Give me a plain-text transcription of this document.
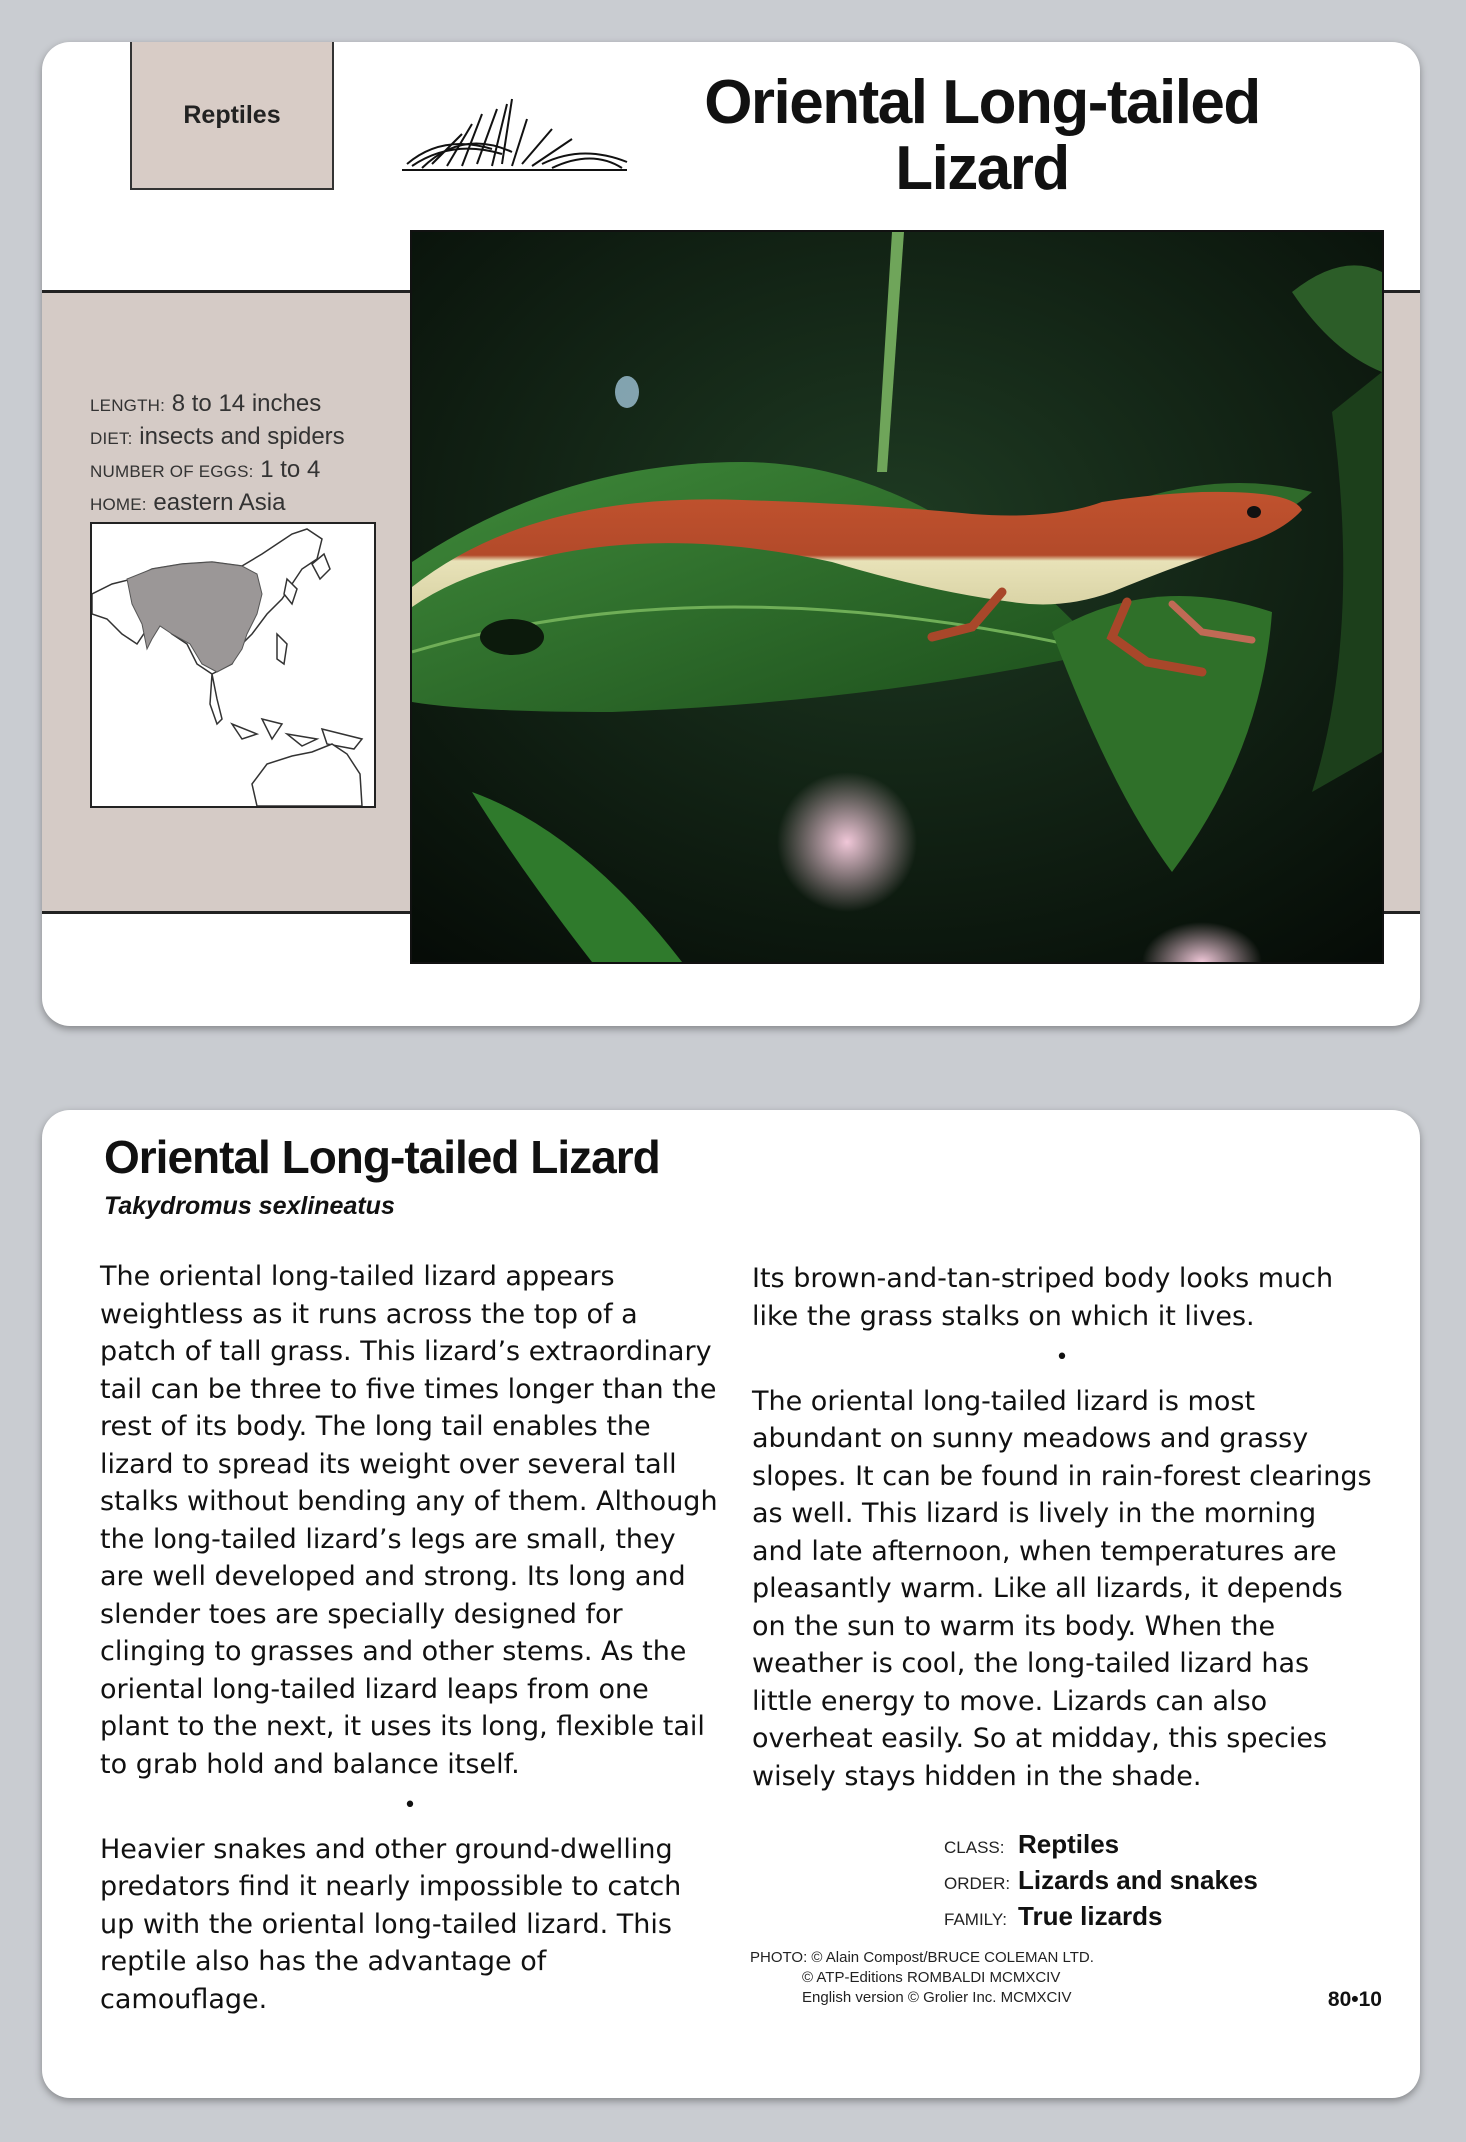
Reptiles	Oriental Long-tailed Lizard
LENGTH: 8 to 14 inches
DIET: insects and spiders
NUMBER OF EGGS: 1 to 4
HOME: eastern Asia
Oriental Long-tailed Lizard
Takydromus sexlineatus

The oriental long-tailed lizard appears weightless as it runs across the top of a patch of tall grass. This lizard’s extraordinary tail can be three to five times longer than the rest of its body. The long tail enables the lizard to spread its weight over several tall stalks without bending any of them. Although the long-tailed lizard’s legs are small, they are well developed and strong. Its long and slender toes are specially designed for clinging to grasses and other stems. As the oriental long-tailed lizard leaps from one plant to the next, it uses its long, flexible tail to grab hold and balance itself.

•

Heavier snakes and other ground-dwelling predators find it nearly impossible to catch up with the oriental long-tailed lizard. This reptile also has the advantage of camouflage.

Its brown-and-tan-striped body looks much like the grass stalks on which it lives.

•

The oriental long-tailed lizard is most abundant on sunny meadows and grassy slopes. It can be found in rain-forest clearings as well. This lizard is lively in the morning and late afternoon, when temperatures are pleasantly warm. Like all lizards, it depends on the sun to warm its body. When the weather is cool, the long-tailed lizard has little energy to move. Lizards can also overheat easily. So at midday, this species wisely stays hidden in the shade.

CLASS: Reptiles
ORDER: Lizards and snakes
FAMILY: True lizards
PHOTO: © Alain Compost/BRUCE COLEMAN LTD.
© ATP-Editions ROMBALDI MCMXCIV
English version © Grolier Inc. MCMXCIV	80•10
